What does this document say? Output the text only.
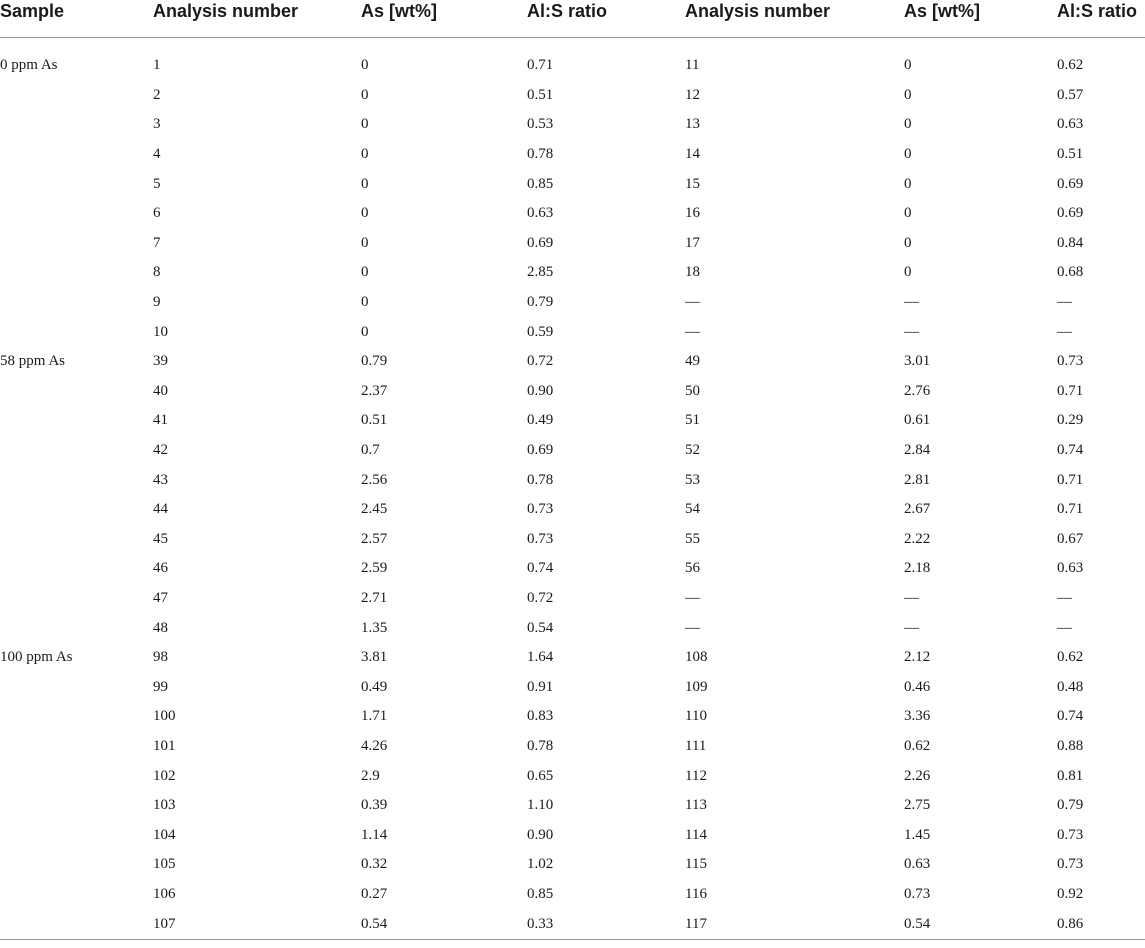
Sample	Analysis number	As [wt%]	Al:S ratio	Analysis number	As [wt%]	Al:S ratio

0 ppm As	1	0	0.71	11	0	0.62
	2	0	0.51	12	0	0.57
	3	0	0.53	13	0	0.63
	4	0	0.78	14	0	0.51
	5	0	0.85	15	0	0.69
	6	0	0.63	16	0	0.69
	7	0	0.69	17	0	0.84
	8	0	2.85	18	0	0.68
	9	0	0.79	—	—	—
	10	0	0.59	—	—	—
58 ppm As	39	0.79	0.72	49	3.01	0.73
	40	2.37	0.90	50	2.76	0.71
	41	0.51	0.49	51	0.61	0.29
	42	0.7	0.69	52	2.84	0.74
	43	2.56	0.78	53	2.81	0.71
	44	2.45	0.73	54	2.67	0.71
	45	2.57	0.73	55	2.22	0.67
	46	2.59	0.74	56	2.18	0.63
	47	2.71	0.72	—	—	—
	48	1.35	0.54	—	—	—
100 ppm As	98	3.81	1.64	108	2.12	0.62
	99	0.49	0.91	109	0.46	0.48
	100	1.71	0.83	110	3.36	0.74
	101	4.26	0.78	111	0.62	0.88
	102	2.9	0.65	112	2.26	0.81
	103	0.39	1.10	113	2.75	0.79
	104	1.14	0.90	114	1.45	0.73
	105	0.32	1.02	115	0.63	0.73
	106	0.27	0.85	116	0.73	0.92
	107	0.54	0.33	117	0.54	0.86
